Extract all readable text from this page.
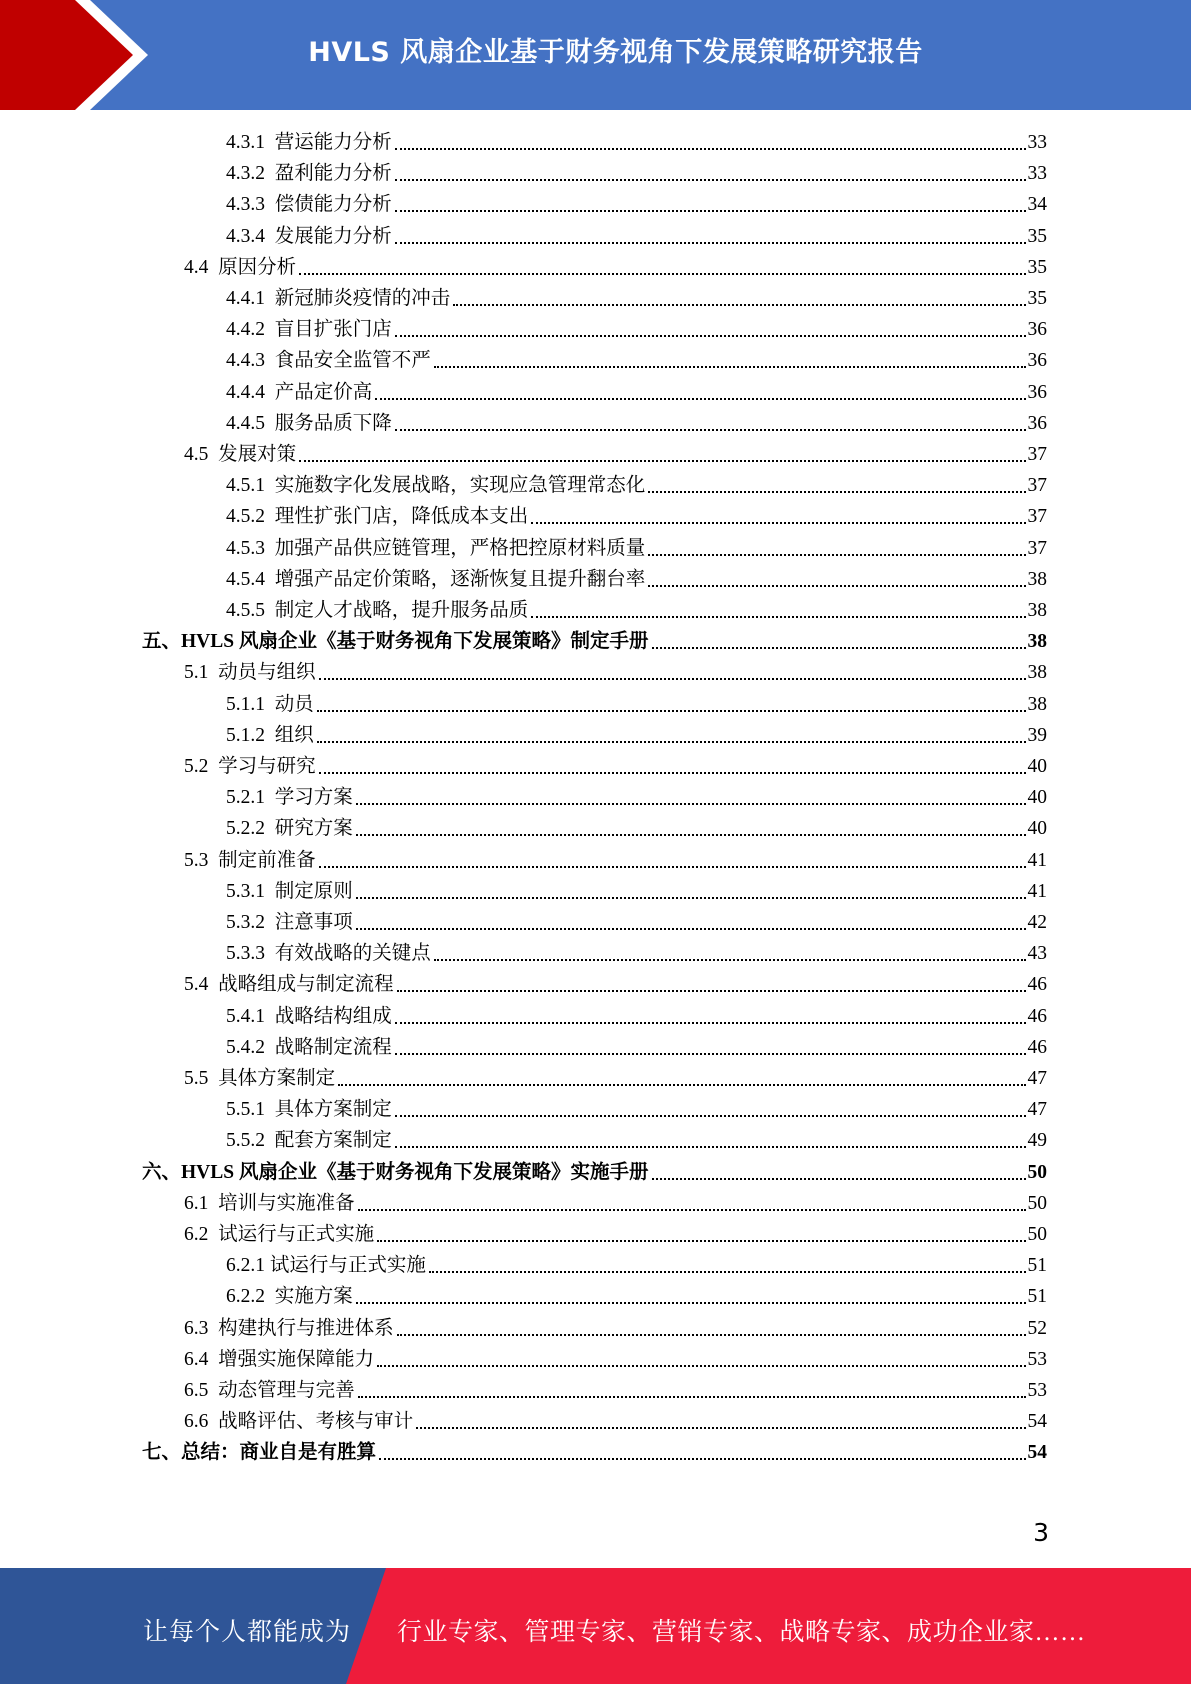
HVLS 风扇企业基于财务视角下发展策略研究报告
4.3.1 营运能力分析	33
4.3.2 盈利能力分析	33
4.3.3 偿债能力分析	34
4.3.4 发展能力分析	35
4.4 原因分析	35
4.4.1 新冠肺炎疫情的冲击	35
4.4.2 盲目扩张门店	36
4.4.3 食品安全监管不严	36
4.4.4 产品定价高	36
4.4.5 服务品质下降	36
4.5 发展对策	37
4.5.1 实施数字化发展战略，实现应急管理常态化	37
4.5.2 理性扩张门店，降低成本支出	37
4.5.3 加强产品供应链管理，严格把控原材料质量	37
4.5.4 增强产品定价策略，逐渐恢复且提升翻台率	38
4.5.5 制定人才战略，提升服务品质	38
五、 HVLS 风扇企业《基于财务视角下发展策略》制定手册	38
5.1 动员与组织	38
5.1.1 动员	38
5.1.2 组织	39
5.2 学习与研究	40
5.2.1 学习方案	40
5.2.2 研究方案	40
5.3 制定前准备	41
5.3.1 制定原则	41
5.3.2 注意事项	42
5.3.3 有效战略的关键点	43
5.4 战略组成与制定流程	46
5.4.1 战略结构组成	46
5.4.2 战略制定流程	46
5.5 具体方案制定	47
5.5.1 具体方案制定	47
5.5.2 配套方案制定	49
六、 HVLS 风扇企业《基于财务视角下发展策略》实施手册	50
6.1 培训与实施准备	50
6.2 试运行与正式实施	50
6.2.1 试运行与正式实施	51
6.2.2 实施方案	51
6.3 构建执行与推进体系	52
6.4 增强实施保障能力	53
6.5 动态管理与完善	53
6.6 战略评估、考核与审计	54
七、 总结：商业自是有胜算	54
3
让每个人都能成为 行业专家、管理专家、营销专家、战略专家、成功企业家……
